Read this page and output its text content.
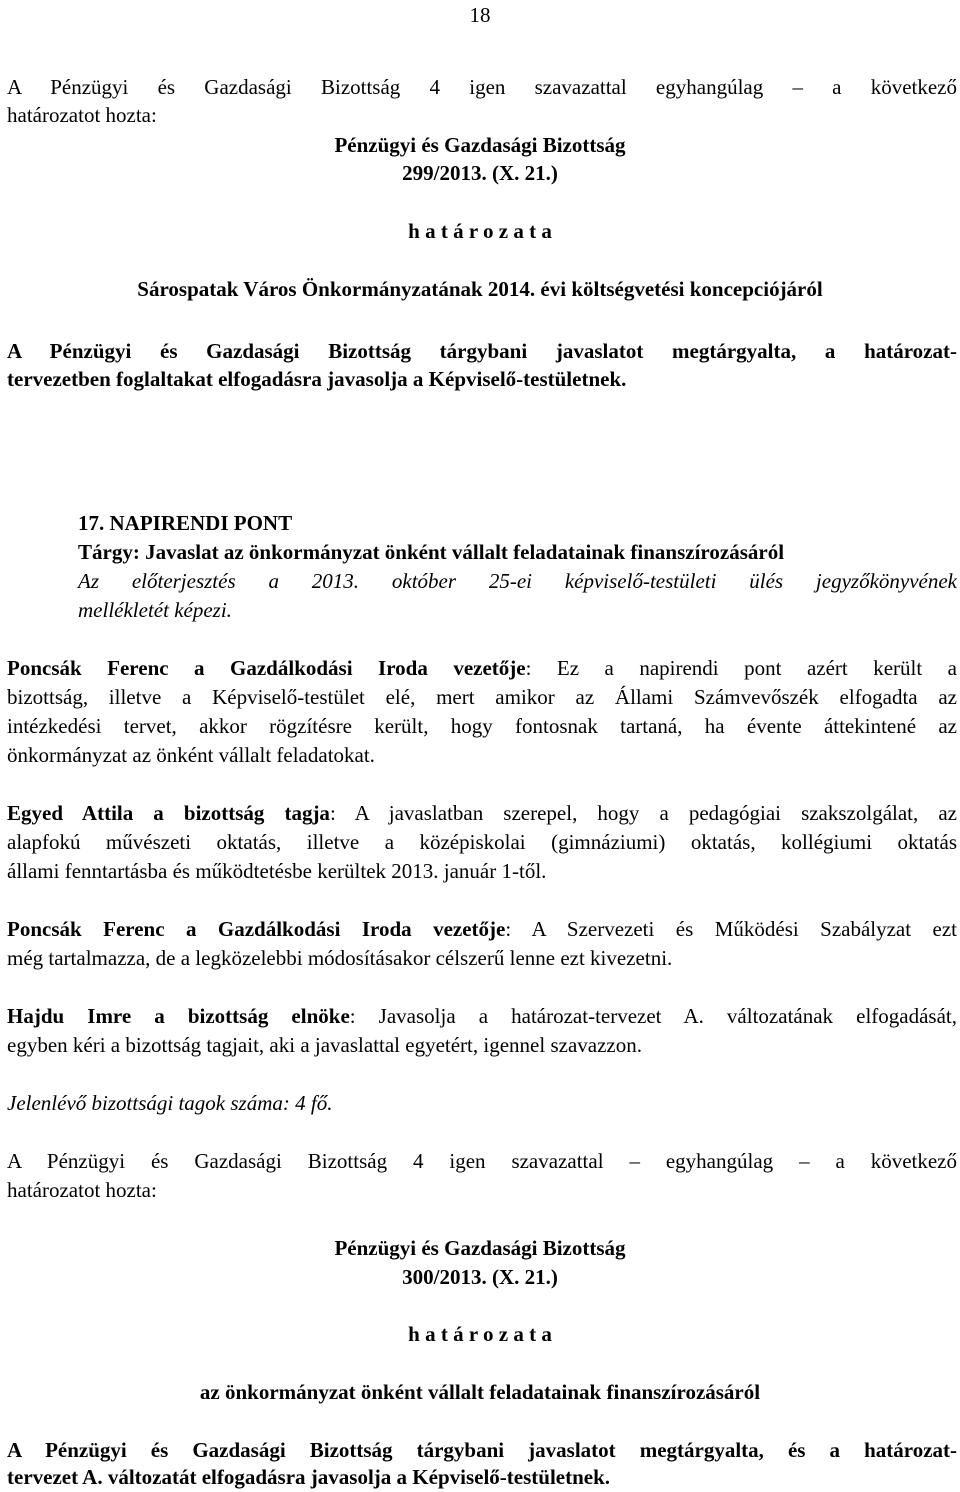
18
A Pénzügyi és Gazdasági Bizottság 4 igen szavazattal egyhangúlag – a következő
határozatot hozta:
Pénzügyi és Gazdasági Bizottság
299/2013. (X. 21.)
h a t á r o z a t a
Sárospatak Város Önkormányzatának 2014. évi költségvetési koncepciójáról
A Pénzügyi és Gazdasági Bizottság tárgybani javaslatot megtárgyalta, a határozat-
tervezetben foglaltakat elfogadásra javasolja a Képviselő-testületnek.
17. NAPIRENDI PONT
Tárgy: Javaslat az önkormányzat önként vállalt feladatainak finanszírozásáról
Az előterjesztés a 2013. október 25-ei képviselő-testületi ülés jegyzőkönyvének
mellékletét képezi.
Poncsák Ferenc a Gazdálkodási Iroda vezetője: Ez a napirendi pont azért került a
bizottság, illetve a Képviselő-testület elé, mert amikor az Állami Számvevőszék elfogadta az
intézkedési tervet, akkor rögzítésre került, hogy fontosnak tartaná, ha évente áttekintené az
önkormányzat az önként vállalt feladatokat.
Egyed Attila a bizottság tagja: A javaslatban szerepel, hogy a pedagógiai szakszolgálat, az
alapfokú művészeti oktatás, illetve a középiskolai (gimnáziumi) oktatás, kollégiumi oktatás
állami fenntartásba és működtetésbe kerültek 2013. január 1-től.
Poncsák Ferenc a Gazdálkodási Iroda vezetője: A Szervezeti és Működési Szabályzat ezt
még tartalmazza, de a legközelebbi módosításakor célszerű lenne ezt kivezetni.
Hajdu Imre a bizottság elnöke: Javasolja a határozat-tervezet A. változatának elfogadását,
egyben kéri a bizottság tagjait, aki a javaslattal egyetért, igennel szavazzon.
Jelenlévő bizottsági tagok száma: 4 fő.
A Pénzügyi és Gazdasági Bizottság 4 igen szavazattal – egyhangúlag – a következő
határozatot hozta:
Pénzügyi és Gazdasági Bizottság
300/2013. (X. 21.)
h a t á r o z a t a
az önkormányzat önként vállalt feladatainak finanszírozásáról
A Pénzügyi és Gazdasági Bizottság tárgybani javaslatot megtárgyalta, és a határozat-
tervezet A. változatát elfogadásra javasolja a Képviselő-testületnek.
